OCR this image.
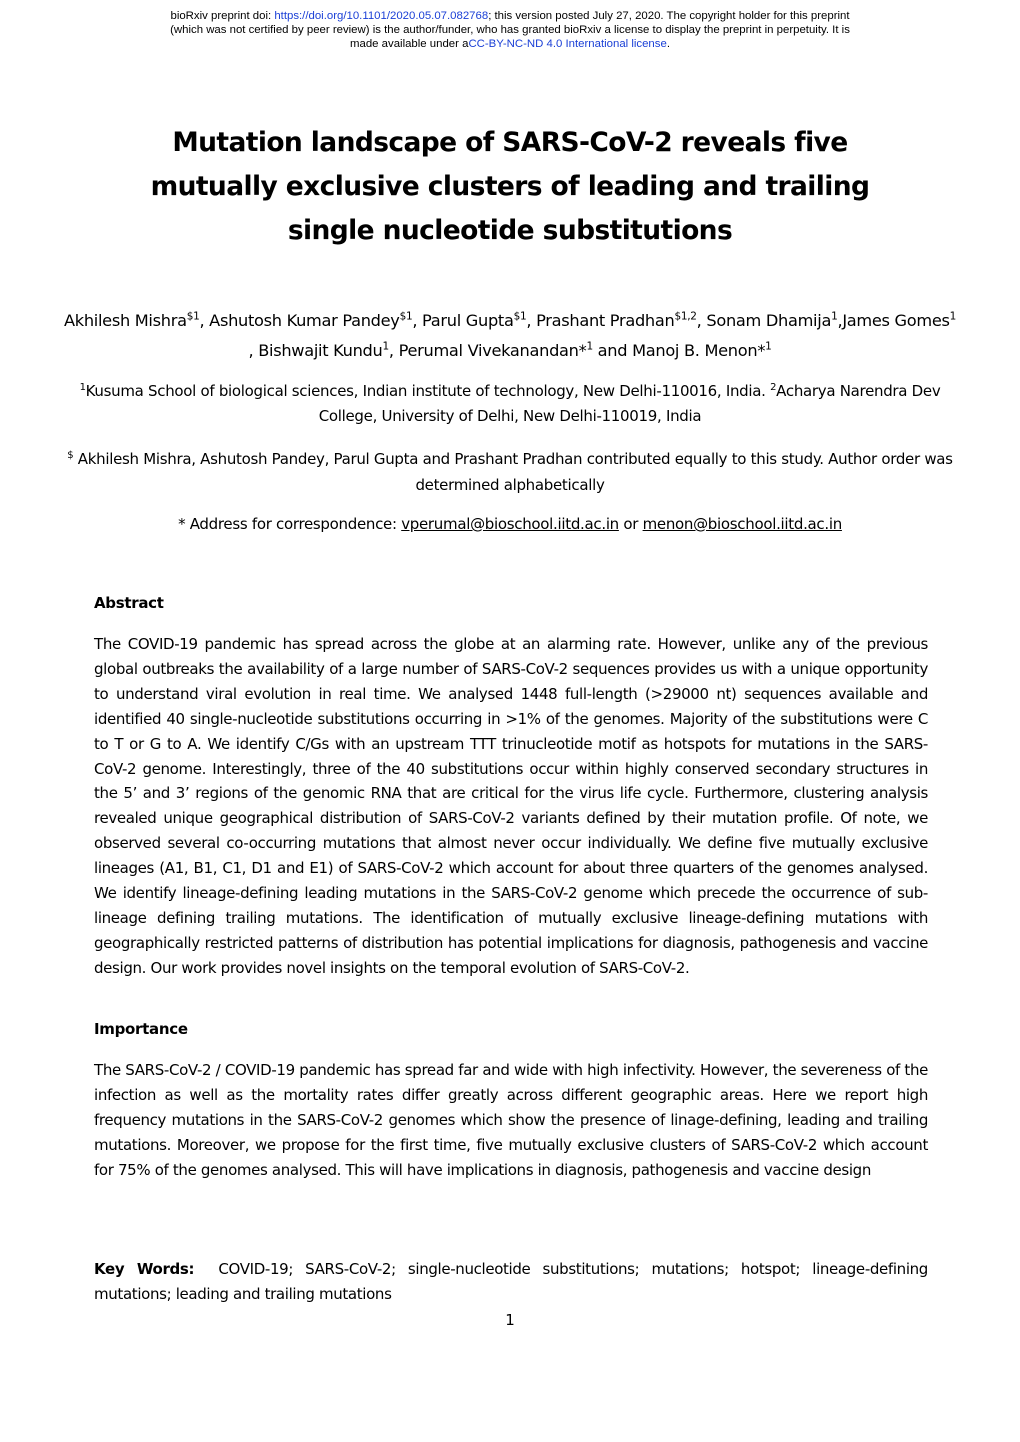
bioRxiv preprint doi: https://doi.org/10.1101/2020.05.07.082768; this version posted July 27, 2020. The copyright holder for this preprint
(which was not certified by peer review) is the author/funder, who has granted bioRxiv a license to display the preprint in perpetuity. It is
made available under aCC-BY-NC-ND 4.0 International license.
Mutation landscape of SARS-CoV-2 reveals five mutually exclusive clusters of leading and trailing single nucleotide substitutions
Akhilesh Mishra$^{\$1}$, Ashutosh Kumar Pandey$^{\$1}$, Parul Gupta$^{\$1}$, Prashant Pradhan$^{\$1,2}$, Sonam Dhamija$^1$,James Gomes$^1$ , Bishwajit Kundu$^1$, Perumal Vivekanandan*$^1$ and Manoj B. Menon*$^1$
$^1$Kusuma School of biological sciences, Indian institute of technology, New Delhi-110016, India. $^2$Acharya Narendra Dev College, University of Delhi, New Delhi-110019, India
$ Akhilesh Mishra, Ashutosh Pandey, Parul Gupta and Prashant Pradhan contributed equally to this study. Author order was determined alphabetically
* Address for correspondence: vperumal@bioschool.iitd.ac.in or menon@bioschool.iitd.ac.in
Abstract
The COVID-19 pandemic has spread across the globe at an alarming rate. However, unlike any of the previous global outbreaks the availability of a large number of SARS-CoV-2 sequences provides us with a unique opportunity to understand viral evolution in real time. We analysed 1448 full-length (>29000 nt) sequences available and identified 40 single-nucleotide substitutions occurring in >1% of the genomes. Majority of the substitutions were C to T or G to A. We identify C/Gs with an upstream TTT trinucleotide motif as hotspots for mutations in the SARS-CoV-2 genome. Interestingly, three of the 40 substitutions occur within highly conserved secondary structures in the 5’ and 3’ regions of the genomic RNA that are critical for the virus life cycle. Furthermore, clustering analysis revealed unique geographical distribution of SARS-CoV-2 variants defined by their mutation profile. Of note, we observed several co-occurring mutations that almost never occur individually. We define five mutually exclusive lineages (A1, B1, C1, D1 and E1) of SARS-CoV-2 which account for about three quarters of the genomes analysed. We identify lineage-defining leading mutations in the SARS-CoV-2 genome which precede the occurrence of sub-lineage defining trailing mutations. The identification of mutually exclusive lineage-defining mutations with geographically restricted patterns of distribution has potential implications for diagnosis, pathogenesis and vaccine design. Our work provides novel insights on the temporal evolution of SARS-CoV-2.
Importance
The SARS-CoV-2 / COVID-19 pandemic has spread far and wide with high infectivity. However, the severeness of the infection as well as the mortality rates differ greatly across different geographic areas. Here we report high frequency mutations in the SARS-CoV-2 genomes which show the presence of linage-defining, leading and trailing mutations. Moreover, we propose for the first time, five mutually exclusive clusters of SARS-CoV-2 which account for 75% of the genomes analysed. This will have implications in diagnosis, pathogenesis and vaccine design
Key Words:  COVID-19; SARS-CoV-2; single-nucleotide substitutions; mutations; hotspot; lineage-defining mutations; leading and trailing mutations
1
